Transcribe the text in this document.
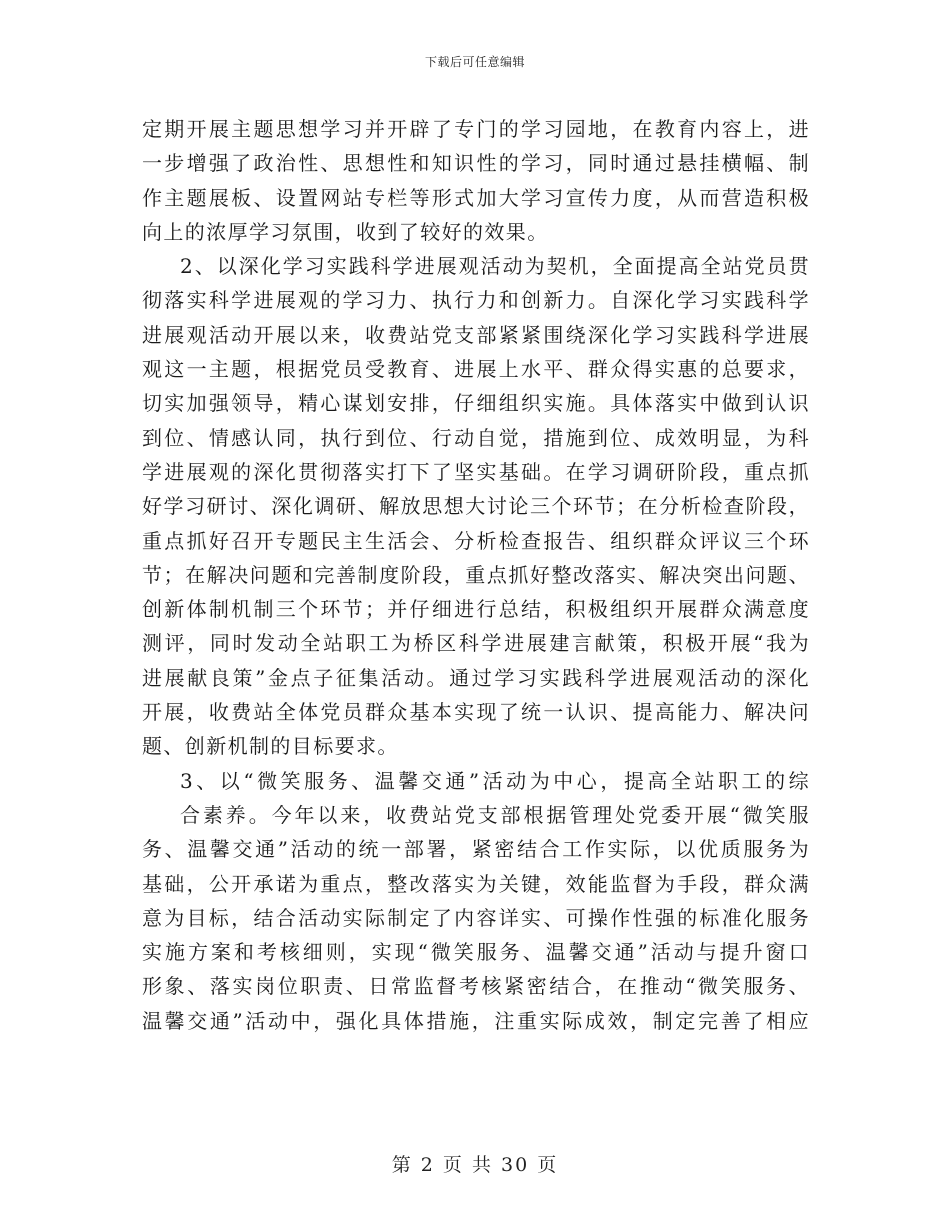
下载后可任意编辑
定期开展主题思想学习并开辟了专门的学习园地，在教育内容上，进
一步增强了政治性、思想性和知识性的学习，同时通过悬挂横幅、制
作主题展板、设置网站专栏等形式加大学习宣传力度，从而营造积极
向上的浓厚学习氛围，收到了较好的效果。
2、以深化学习实践科学进展观活动为契机，全面提高全站党员贯
彻落实科学进展观的学习力、执行力和创新力。自深化学习实践科学
进展观活动开展以来，收费站党支部紧紧围绕深化学习实践科学进展
观这一主题，根据党员受教育、进展上水平、群众得实惠的总要求，
切实加强领导，精心谋划安排，仔细组织实施。具体落实中做到认识
到位、情感认同，执行到位、行动自觉，措施到位、成效明显，为科
学进展观的深化贯彻落实打下了坚实基础。在学习调研阶段，重点抓
好学习研讨、深化调研、解放思想大讨论三个环节；在分析检查阶段，
重点抓好召开专题民主生活会、分析检查报告、组织群众评议三个环
节；在解决问题和完善制度阶段，重点抓好整改落实、解决突出问题、
创新体制机制三个环节；并仔细进行总结，积极组织开展群众满意度
测评，同时发动全站职工为桥区科学进展建言献策，积极开展“我为
进展献良策”金点子征集活动。通过学习实践科学进展观活动的深化
开展，收费站全体党员群众基本实现了统一认识、提高能力、解决问
题、创新机制的目标要求。
3、以“微笑服务、温馨交通”活动为中心，提高全站职工的综
合素养。今年以来，收费站党支部根据管理处党委开展“微笑服
务、温馨交通”活动的统一部署，紧密结合工作实际，以优质服务为
基础，公开承诺为重点，整改落实为关键，效能监督为手段，群众满
意为目标，结合活动实际制定了内容详实、可操作性强的标准化服务
实施方案和考核细则，实现“微笑服务、温馨交通”活动与提升窗口
形象、落实岗位职责、日常监督考核紧密结合，在推动“微笑服务、
温馨交通”活动中，强化具体措施，注重实际成效，制定完善了相应
第 2 页 共 30 页
